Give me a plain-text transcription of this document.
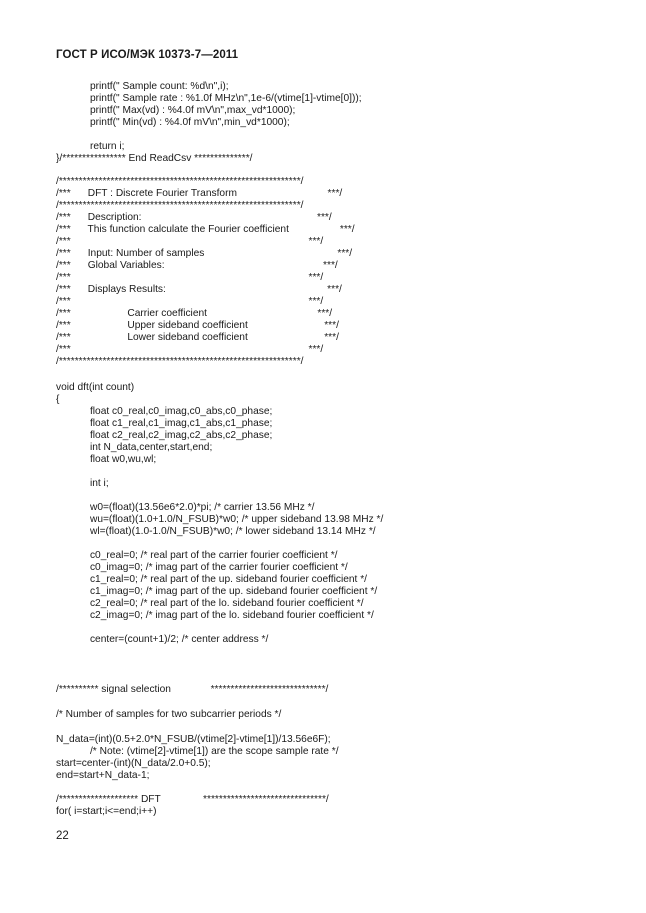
ГОСТ Р ИСО/МЭК 10373-7—2011
printf(" Sample count: %d\n",i);
printf(" Sample rate : %1.0f MHz\n",1e-6/(vtime[1]-vtime[0]));
printf(" Max(vd) : %4.0f mV\n",max_vd*1000);
printf(" Min(vd) : %4.0f mV\n",min_vd*1000);
return i;
}/**************** End ReadCsv **************/
/*************************************************************/
/***      DFT : Discrete Fourier Transform                                ***/
/*************************************************************/
/***      Description:                                                              ***/
/***      This function calculate the Fourier coefficient                  ***/
/***                                                                                    ***/
/***      Input: Number of samples                                               ***/
/***      Global Variables:                                                        ***/
/***                                                                                    ***/
/***      Displays Results:                                                         ***/
/***                                                                                    ***/
/***                    Carrier coefficient                                       ***/
/***                    Upper sideband coefficient                           ***/
/***                    Lower sideband coefficient                           ***/
/***                                                                                    ***/
/*************************************************************/
void dft(int count)
{
float c0_real,c0_imag,c0_abs,c0_phase;
float c1_real,c1_imag,c1_abs,c1_phase;
float c2_real,c2_imag,c2_abs,c2_phase;
int N_data,center,start,end;
float w0,wu,wl;
int i;
w0=(float)(13.56e6*2.0)*pi; /* carrier 13.56 MHz */
wu=(float)(1.0+1.0/N_FSUB)*w0; /* upper sideband 13.98 MHz */
wl=(float)(1.0-1.0/N_FSUB)*w0; /* lower sideband 13.14 MHz */
c0_real=0; /* real part of the carrier fourier coefficient */
c0_imag=0; /* imag part of the carrier fourier coefficient */
c1_real=0; /* real part of the up. sideband fourier coefficient */
c1_imag=0; /* imag part of the up. sideband fourier coefficient */
c2_real=0; /* real part of the lo. sideband fourier coefficient */
c2_imag=0; /* imag part of the lo. sideband fourier coefficient */
center=(count+1)/2; /* center address */
/********** signal selection              *****************************/
/* Number of samples for two subcarrier periods */
N_data=(int)(0.5+2.0*N_FSUB/(vtime[2]-vtime[1])/13.56e6F);
/* Note: (vtime[2]-vtime[1]) are the scope sample rate */
start=center-(int)(N_data/2.0+0.5);
end=start+N_data-1;
/******************** DFT               *******************************/
for( i=start;i<=end;i++)
22
